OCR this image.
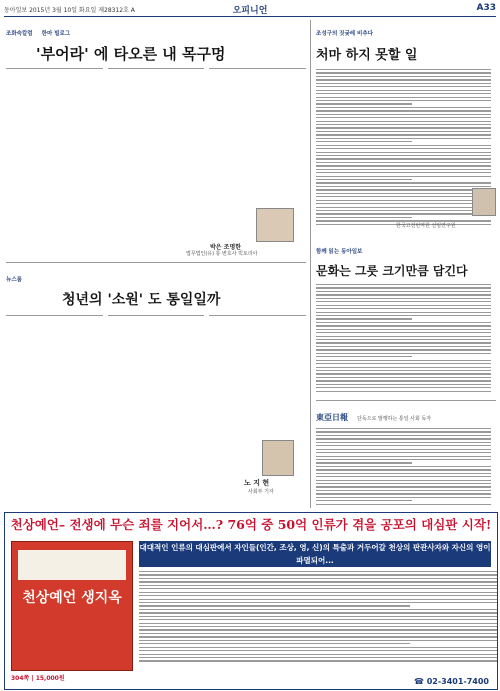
동아일보 2015년 3월 10일 화요일 제28312호 A	오피니언	A33
조화숙칼럼 한마 빌로그
'부어라' 에 타오른 내 목구멍
박은 조명한
법무법인(유) 통 변호사 빅토리아
조성구의 짓궂레 비추다
처마 하지 못할 일
한국고전번역원 선임연구원
함께 읽는 동아일보
문화는 그릇 크기만큼 담긴다
東亞日報 단독으로 발행하는 통일 사회 독자
뉴스룸
청년의 '소원' 도 통일일까
노 지 현
사회부 기자
천상예언– 전생에 무슨 죄를 지어서…? 76억 중 50억 인류가 겪을 공포의 대심판 시작!
천상예언 생지옥
304쪽 | 15,000원
대대적인 인류의 대심판에서 자인들(인간, 조상, 영, 신)의 특출과 거두어갈 천상의 판관사자와 자신의 영이 파멸되어...
☎ 02-3401-7400
